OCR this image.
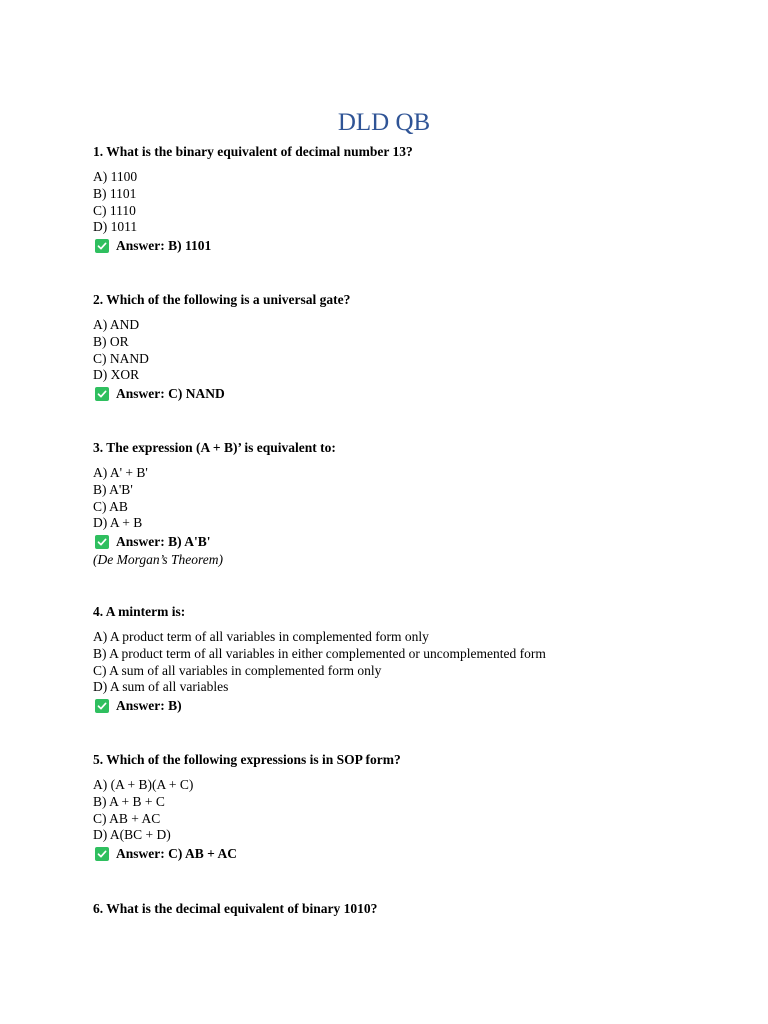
DLD QB
1. What is the binary equivalent of decimal number 13?
A) 1100
B) 1101
C) 1110
D) 1011
Answer: B) 1101
2. Which of the following is a universal gate?
A) AND
B) OR
C) NAND
D) XOR
Answer: C) NAND
3. The expression (A + B)’ is equivalent to:
A) A' + B'
B) A'B'
C) AB
D) A + B
Answer: B) A'B'
(De Morgan’s Theorem)
4. A minterm is:
A) A product term of all variables in complemented form only
B) A product term of all variables in either complemented or uncomplemented form
C) A sum of all variables in complemented form only
D) A sum of all variables
Answer: B)
5. Which of the following expressions is in SOP form?
A) (A + B)(A + C)
B) A + B + C
C) AB + AC
D) A(BC + D)
Answer: C) AB + AC
6. What is the decimal equivalent of binary 1010?
